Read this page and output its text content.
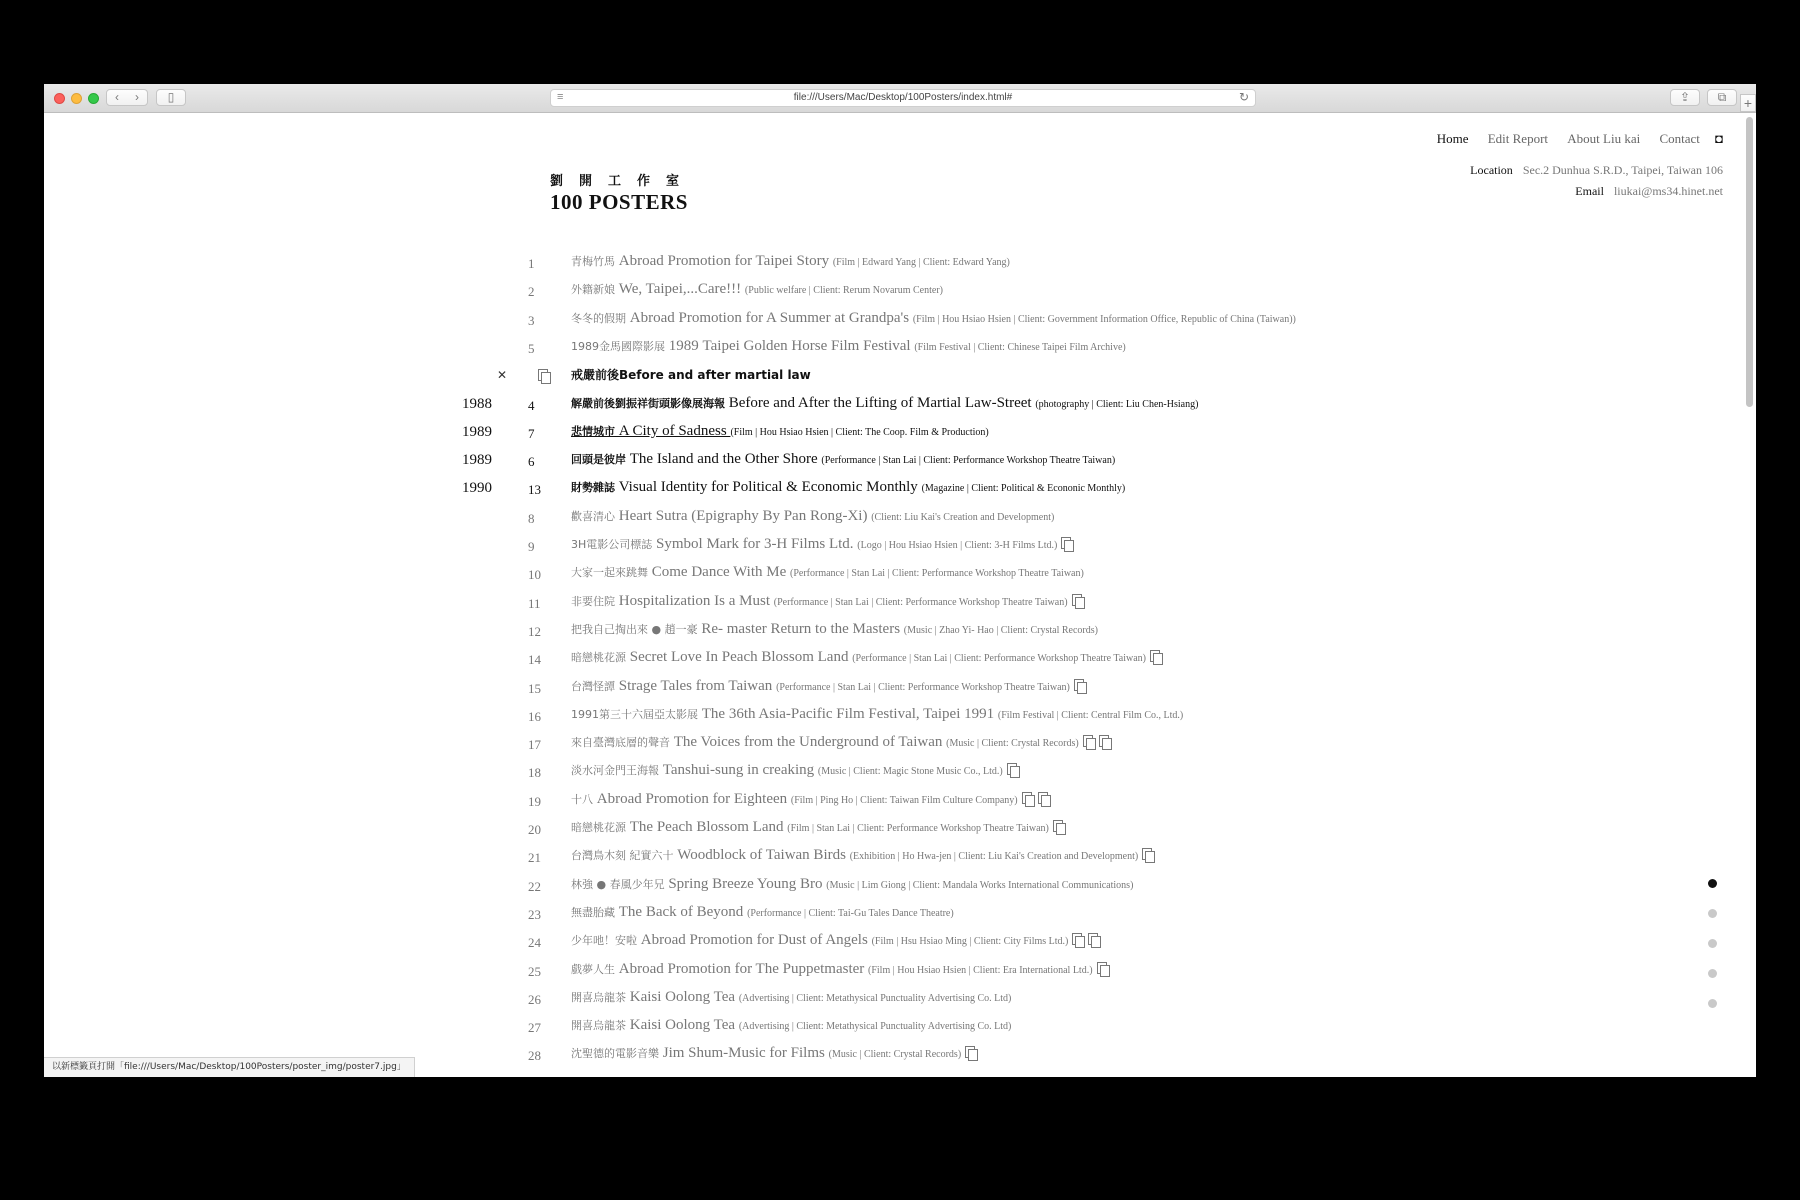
‹ ›	▯	≡	file:///Users/Mac/Desktop/100Posters/index.html#	↻	⇪	⧉	+
Home Edit Report About Liu kai Contact ◘
Location Sec.2 Dunhua S.R.D., Taipei, Taiwan 106
Email liukai@ms34.hinet.net
劉開工作室
100 POSTERS
1	青梅竹馬 Abroad Promotion for Taipei Story (Film | Edward Yang | Client: Edward Yang)
2	外籍新娘 We, Taipei,...Care!!! (Public welfare | Client: Rerum Novarum Center)
3	冬冬的假期 Abroad Promotion for A Summer at Grandpa's (Film | Hou Hsiao Hsien | Client: Government Information Office, Republic of China (Taiwan))
5	1989金馬國際影展 1989 Taipei Golden Horse Film Festival (Film Festival | Client: Chinese Taipei Film Archive)
✕	戒嚴前後Before and after martial law
1988	4	解嚴前後劉振祥街頭影像展海報 Before and After the Lifting of Martial Law-Street (photography | Client: Liu Chen-Hsiang)
1989	7	悲情城市 A City of Sadness (Film | Hou Hsiao Hsien | Client: The Coop. Film & Production)
1989	6	回頭是彼岸 The Island and the Other Shore (Performance | Stan Lai | Client: Performance Workshop Theatre Taiwan)
1990	13	財勢雜誌 Visual Identity for Political & Economic Monthly (Magazine | Client: Political & Econonic Monthly)
8	歡喜清心 Heart Sutra (Epigraphy By Pan Rong-Xi) (Client: Liu Kai's Creation and Development)
9	3H電影公司標誌 Symbol Mark for 3-H Films Ltd. (Logo | Hou Hsiao Hsien | Client: 3-H Films Ltd.)
10	大家一起來跳舞 Come Dance With Me (Performance | Stan Lai | Client: Performance Workshop Theatre Taiwan)
11	非要住院 Hospitalization Is a Must (Performance | Stan Lai | Client: Performance Workshop Theatre Taiwan)
12	把我自己掏出來 ● 趙一豪 Re- master Return to the Masters (Music | Zhao Yi- Hao | Client: Crystal Records)
14	暗戀桃花源 Secret Love In Peach Blossom Land (Performance | Stan Lai | Client: Performance Workshop Theatre Taiwan)
15	台灣怪譚 Strage Tales from Taiwan (Performance | Stan Lai | Client: Performance Workshop Theatre Taiwan)
16	1991第三十六屆亞太影展 The 36th Asia-Pacific Film Festival, Taipei 1991 (Film Festival | Client: Central Film Co., Ltd.)
17	來自臺灣底層的聲音 The Voices from the Underground of Taiwan (Music | Client: Crystal Records)
18	淡水河金門王海報 Tanshui-sung in creaking (Music | Client: Magic Stone Music Co., Ltd.)
19	十八 Abroad Promotion for Eighteen (Film | Ping Ho | Client: Taiwan Film Culture Company)
20	暗戀桃花源 The Peach Blossom Land (Film | Stan Lai | Client: Performance Workshop Theatre Taiwan)
21	台灣鳥木刻 紀實六十 Woodblock of Taiwan Birds (Exhibition | Ho Hwa-jen | Client: Liu Kai's Creation and Development)
22	林強 ● 春風少年兄 Spring Breeze Young Bro (Music | Lim Giong | Client: Mandala Works International Communications)
23	無盡胎藏 The Back of Beyond (Performance | Client: Tai-Gu Tales Dance Theatre)
24	少年吔！安啦 Abroad Promotion for Dust of Angels (Film | Hsu Hsiao Ming | Client: City Films Ltd.)
25	戲夢人生 Abroad Promotion for The Puppetmaster (Film | Hou Hsiao Hsien | Client: Era International Ltd.)
26	開喜烏龍茶 Kaisi Oolong Tea (Advertising | Client: Metathysical Punctuality Advertising Co. Ltd)
27	開喜烏龍茶 Kaisi Oolong Tea (Advertising | Client: Metathysical Punctuality Advertising Co. Ltd)
28	沈聖德的電影音樂 Jim Shum-Music for Films (Music | Client: Crystal Records)
以新標籤頁打開「file:///Users/Mac/Desktop/100Posters/poster_img/poster7.jpg」
